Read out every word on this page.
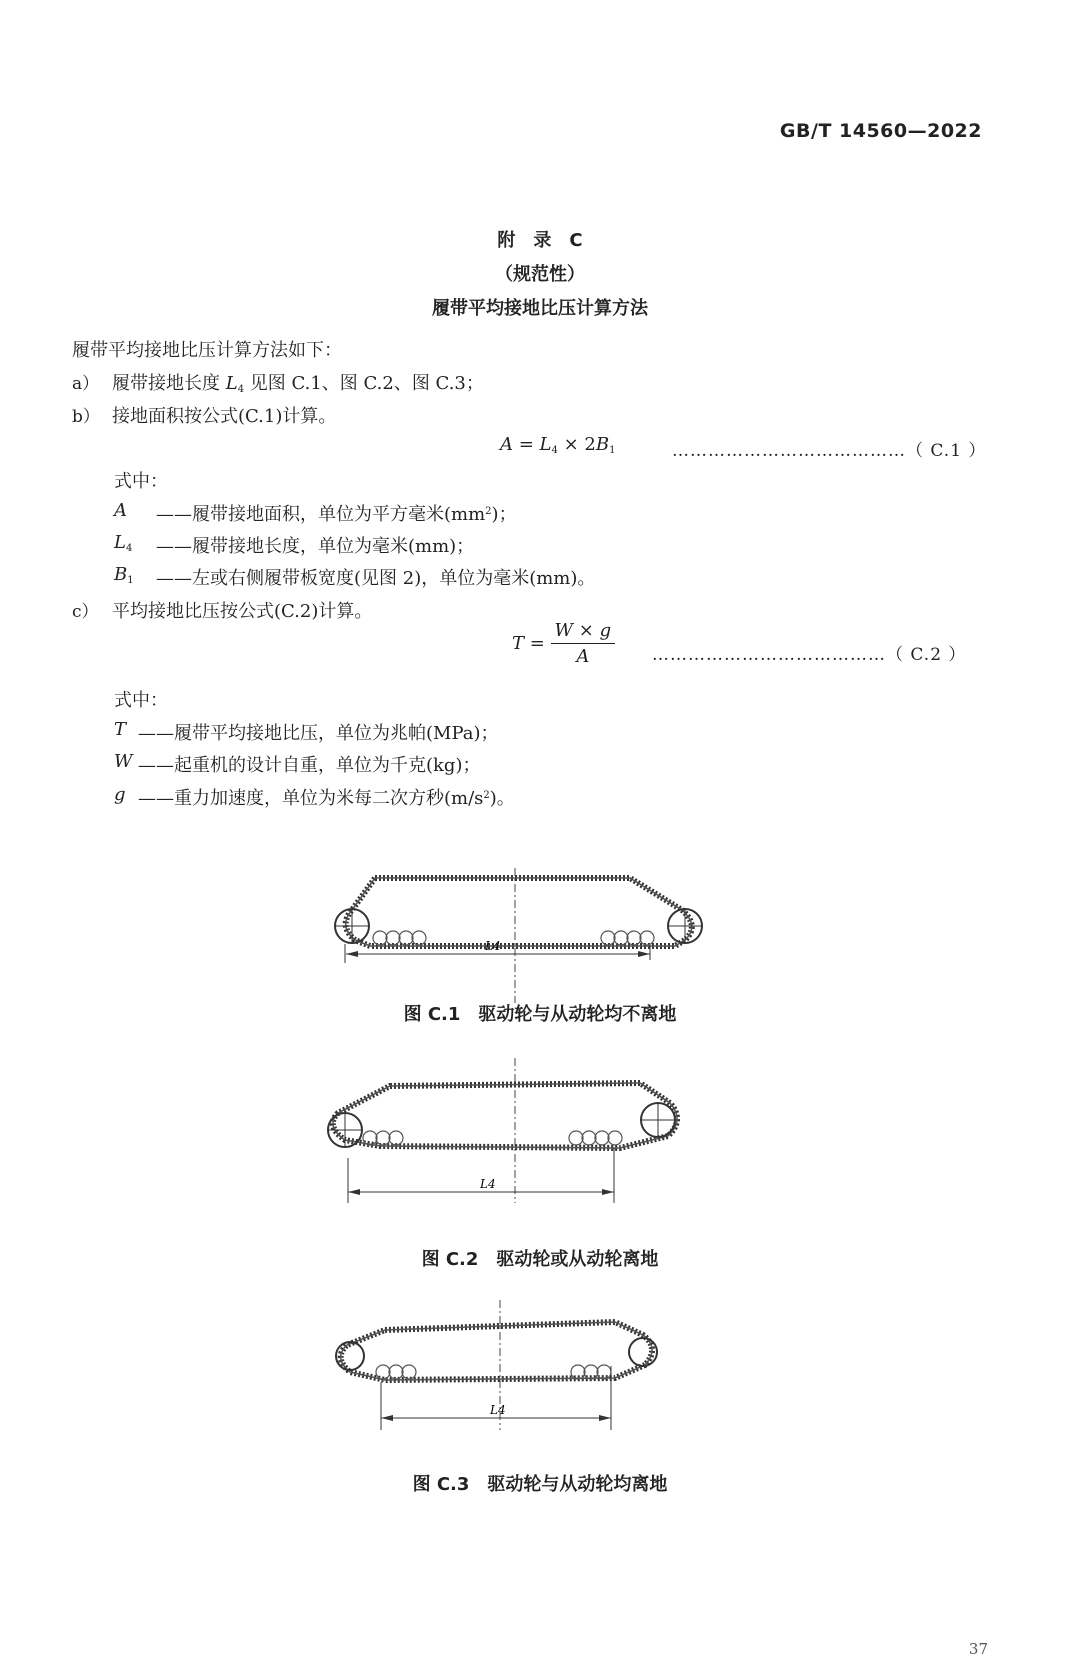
GB/T 14560—2022
附　录　C
（规范性）
履带平均接地比压计算方法
履带平均接地比压计算方法如下：
a） 履带接地长度 $L_4$ 见图 C.1、图 C.2、图 C.3；
b） 接地面积按公式(C.1)计算。
$A = L_4 \times 2B_1$	…………………………………（ C.1 ）
式中：
A ——履带接地面积，单位为平方毫米$(mm^2)$；
$L_4$ ——履带接地长度，单位为毫米(mm)；
$B_1$ ——左或右侧履带板宽度(见图 2)，单位为毫米(mm)。
c） 平均接地比压按公式(C.2)计算。
$T = \frac{W \times g}{A}$ …………………………………（ C.2 ）
式中：
T ——履带平均接地比压，单位为兆帕(MPa)；
W ——起重机的设计自重，单位为千克(kg)；
g ——重力加速度，单位为米每二次方秒$(m/s^2)$。
L4
图 C.1　驱动轮与从动轮均不离地
L4
图 C.2　驱动轮或从动轮离地
L4
图 C.3　驱动轮与从动轮均离地
37
